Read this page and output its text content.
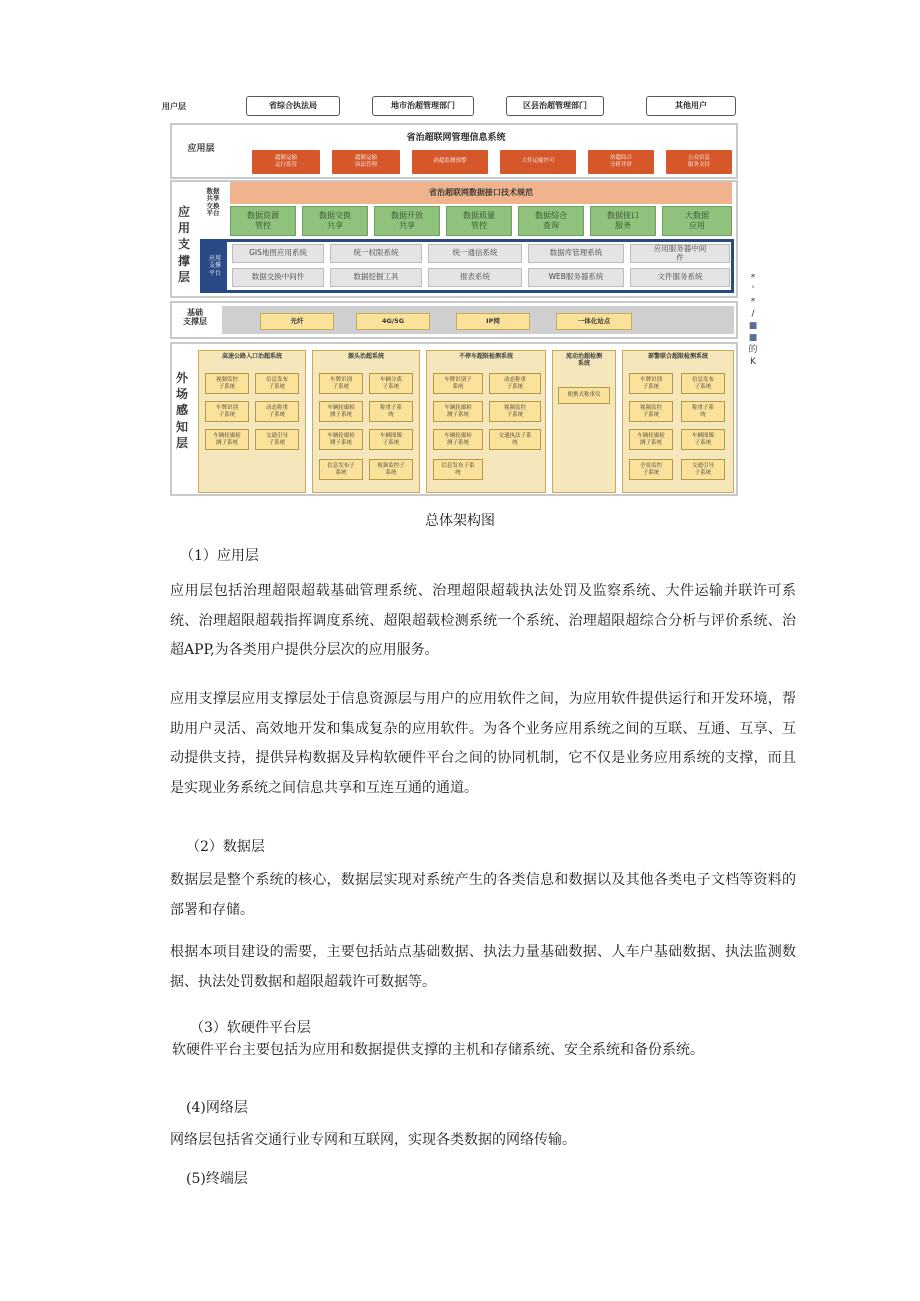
用户层	省综合执法局	地市治超管理部门	区县治超管理部门	其他用户
应用层
省治超联网管理信息系统
超限运输
运行监管
超限运输
执法管理
治超监测预警	大件运输许可
治超综合
分析评价
公众信息
服务支持
应
用
支
撑
层
数据
共享
交换
平台
省治超联网数据接口技术规范
数据资源
管控
数据交换
共享
数据开放
共享
数据质量
管控
数据综合
查询
数据接口
服务
大数据
应用
应用
支撑
平台
GIS地图应用系统	统一权限系统	统一通信系统	数据库管理系统	应用服务器中间
件
数据交换中间件	数据挖掘工具	报表系统	WEB服务器系统	文件服务系统
基础
支撑层	光纤	4G/5G	IP网	一体化站点
外
场
感
知
层
高速公路入口治超系统
视频监控
子系统
信息发布
子系统
车牌识别
子系统
动态称重
子系统
车辆轮廓检
测子系统
交通引导
子系统
源头治超系统
车牌识别
子系统
车辆分离
子系统
车辆轮廓检
测子系统
称重子系
统
车辆轮廓检
测子系统
车辆图像
子系统
信息发布子
系统
视频监控子
系统
不停车超限检测系统
车牌识别子
系统
动态称重
子系统
车辆轮廓检
测子系统
视频监控
子系统
车辆轮廓检
测子系统
交通执法子系
统
信息发布子系
统
流动治超检测
系统
便携式称重仪
部警联合超限检测系统
车牌识别
子系统
信息发布
子系统
视频监控
子系统
称重子系
统
车辆轮廓检
测子系统
车辆图像
子系统
全景监控
子系统
交通引导
子系统
*
'
*
/
■
■
的
K
总体架构图
（1）应用层
应用层包括治理超限超载基础管理系统、治理超限超载执法处罚及监察系统、大件运输并联许可系统、治理超限超载指挥调度系统、超限超载检测系统一个系统、治理超限超综合分析与评价系统、治超APP,为各类用户提供分层次的应用服务。
应用支撑层应用支撑层处于信息资源层与用户的应用软件之间，为应用软件提供运行和开发环境，帮助用户灵活、高效地开发和集成复杂的应用软件。为各个业务应用系统之间的互联、互通、互享、互动提供支持，提供异构数据及异构软硬件平台之间的协同机制，它不仅是业务应用系统的支撑，而且是实现业务系统之间信息共享和互连互通的通道。
（2）数据层
数据层是整个系统的核心，数据层实现对系统产生的各类信息和数据以及其他各类电子文档等资料的部署和存储。
根据本项目建设的需要，主要包括站点基础数据、执法力量基础数据、人车户基础数据、执法监测数据、执法处罚数据和超限超载许可数据等。
（3）软硬件平台层
软硬件平台主要包括为应用和数据提供支撑的主机和存储系统、安全系统和备份系统。
(4)网络层
网络层包括省交通行业专网和互联网，实现各类数据的网络传输。
(5)终端层
